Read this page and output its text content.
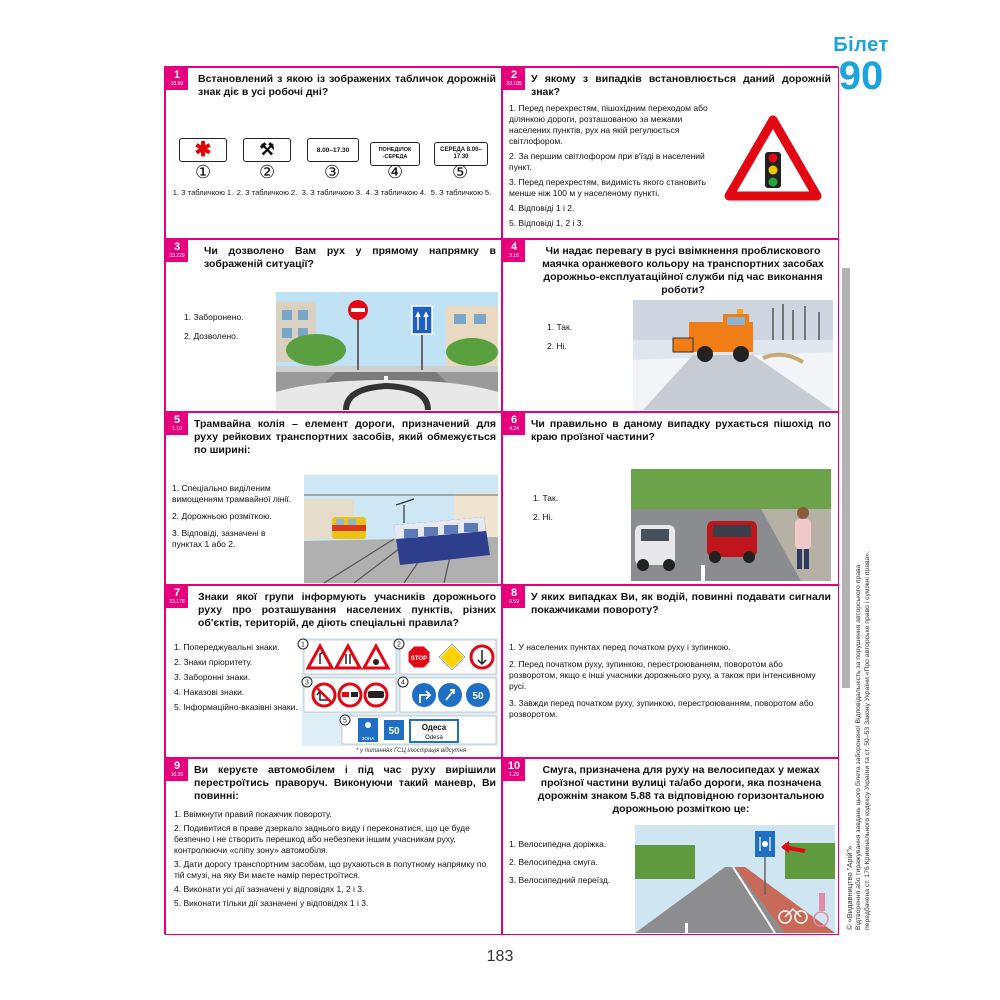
Білет
90
1
33.90	Встановлений з якою із зображених табличок дорожній знак діє в усі робочі дні?
✱	⚒	8.00–17.30	ПОНЕДІЛОК -СЕРЕДА
СЕРЕДА 8.00–17.30
①	②	③	④	⑤
1. З табличкою 1. 2. З табличкою 2. 3. З табличкою 3. 4. З табличкою 4. 5. З табличкою 5.
2
33.185 У якому з випадків встановлюється даний дорожній знак?
1. Перед перехрестям, пішохідним переходом або ділянкою дороги, розташованою за межами населених пунктів, рух на якій регулюється світлофором.
2. За першим світлофором при в'їзді в населений пункт.
3. Перед перехрестям, видимість якого становить менше ніж 100 м у населеному пункті.
4. Відповіді 1 і 2.
5. Відповіді 1, 2 і 3.
3
33.229	Чи дозволено Вам рух у прямому напрямку в зображеній ситуації?
1. Заборонено.
2. Дозволено.
4
3.16	Чи надає перевагу в русі ввімкнення проблискового маячка оранжевого кольору на транспортних засобах дорожньо-експлуатаційної служби під час виконання роботи?
1. Так.
2. Ні.
5
1.10	Трамвайна колія – елемент дороги, призначений для руху рейкових транспортних засобів, який обмежується по ширині:
1. Спеціально виділеним вимощенням трамвайної лінії.
2. Дорожньою розміткою.
3. Відповіді, зазначені в пунктах 1 або 2.
6
4.24	Чи правильно в даному випадку рухається пішохід по краю проїзної частини?
1. Так.
2. Ні.
7
33.178	Знаки якої групи інформують учасників дорожнього руху про розташування населених пунктів, різних об'єктів, територій, де діють спеціальні правила?
1. Попереджувальні знаки.
2. Знаки пріоритету.
3. Заборонні знаки.
4. Наказові знаки.
5. Інформаційно-вказівні знаки.
2
1
STOP
3	4
50
5
ЗОНА
50	Одеса
Odesa
* у питаннях ГСЦ ілюстрація відсутня
8
9.59	У яких випадках Ви, як водій, повинні подавати сигнали покажчиками повороту?
1. У населених пунктах перед початком руху і зупинкою.
2. Перед початком руху, зупинкою, перестроюванням, поворотом або розворотом, якщо є інші учасники дорожнього руху, а також при інтенсивному русі.
3. Завжди перед початком руху, зупинкою, перестроюванням, поворотом або розворотом.
9
10.55	Ви керуєте автомобілем і під час руху вирішили перестроїтись праворуч. Виконуючи такий маневр, Ви повинні:
1. Ввімкнути правий покажчик повороту.
2. Подивитися в праве дзеркало заднього виду і переконатися, що це буде безпечно і не створить перешкод або небезпеки іншим учасникам руху, контролюючи «сліпу зону» автомобіля.
3. Дати дорогу транспортним засобам, що рухаються в попутному напрямку по тій смузі, на яку Ви маєте намір перестроїтися.
4. Виконати усі дії зазначені у відповідях 1, 2 і 3.
5. Виконати тільки дії зазначені у відповідях 1 і 3.
10
1.29	Смуга, призначена для руху на велосипедах у межах проїзної частини вулиці та/або дороги, яка позначена дорожнім знаком 5.88 та відповідною горизонтальною дорожньою розміткою це:
1. Велосипедна доріжка.
2. Велосипедна смуга.
3. Велосипедний переїзд.	Відтворення або тиражування завдань цього білета заборонено! Відповідальність за порушення авторського права передбачена ст. 176 Кримінального кодексу України та ст. 50–53 Закону України «Про авторське право і суміжні права».
© «Видавництво "Арій"»
183
